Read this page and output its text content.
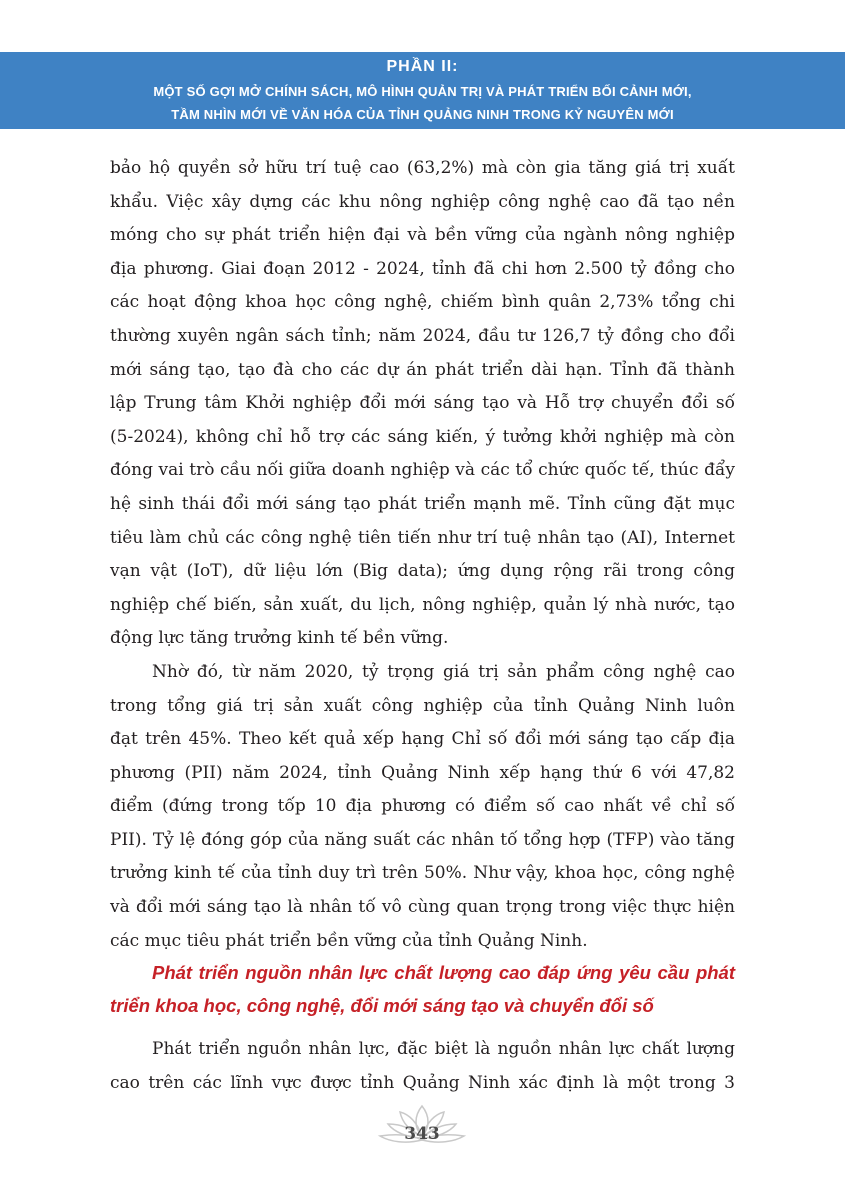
PHẦN II:
MỘT SỐ GỢI MỞ CHÍNH SÁCH, MÔ HÌNH QUẢN TRỊ VÀ PHÁT TRIỂN BỐI CẢNH MỚI,
TẦM NHÌN MỚI VỀ VĂN HÓA CỦA TỈNH QUẢNG NINH TRONG KỶ NGUYÊN MỚI
bảo hộ quyền sở hữu trí tuệ cao (63,2%) mà còn gia tăng giá trị xuất
khẩu. Việc xây dựng các khu nông nghiệp công nghệ cao đã tạo nền
móng cho sự phát triển hiện đại và bền vững của ngành nông nghiệp
địa phương. Giai đoạn 2012 - 2024, tỉnh đã chi hơn 2.500 tỷ đồng cho
các hoạt động khoa học công nghệ, chiếm bình quân 2,73% tổng chi
thường xuyên ngân sách tỉnh; năm 2024, đầu tư 126,7 tỷ đồng cho đổi
mới sáng tạo, tạo đà cho các dự án phát triển dài hạn. Tỉnh đã thành
lập Trung tâm Khởi nghiệp đổi mới sáng tạo và Hỗ trợ chuyển đổi số
(5-2024), không chỉ hỗ trợ các sáng kiến, ý tưởng khởi nghiệp mà còn
đóng vai trò cầu nối giữa doanh nghiệp và các tổ chức quốc tế, thúc đẩy
hệ sinh thái đổi mới sáng tạo phát triển mạnh mẽ. Tỉnh cũng đặt mục
tiêu làm chủ các công nghệ tiên tiến như trí tuệ nhân tạo (AI), Internet
vạn vật (IoT), dữ liệu lớn (Big data); ứng dụng rộng rãi trong công
nghiệp chế biến, sản xuất, du lịch, nông nghiệp, quản lý nhà nước, tạo
động lực tăng trưởng kinh tế bền vững.
Nhờ đó, từ năm 2020, tỷ trọng giá trị sản phẩm công nghệ cao
trong tổng giá trị sản xuất công nghiệp của tỉnh Quảng Ninh luôn
đạt trên 45%. Theo kết quả xếp hạng Chỉ số đổi mới sáng tạo cấp địa
phương (PII) năm 2024, tỉnh Quảng Ninh xếp hạng thứ 6 với 47,82
điểm (đứng trong tốp 10 địa phương có điểm số cao nhất về chỉ số
PII). Tỷ lệ đóng góp của năng suất các nhân tố tổng hợp (TFP) vào tăng
trưởng kinh tế của tỉnh duy trì trên 50%. Như vậy, khoa học, công nghệ
và đổi mới sáng tạo là nhân tố vô cùng quan trọng trong việc thực hiện
các mục tiêu phát triển bền vững của tỉnh Quảng Ninh.
Phát triển nguồn nhân lực chất lượng cao đáp ứng yêu cầu phát
triển khoa học, công nghệ, đổi mới sáng tạo và chuyển đổi số
Phát triển nguồn nhân lực, đặc biệt là nguồn nhân lực chất lượng
cao trên các lĩnh vực được tỉnh Quảng Ninh xác định là một trong 3
343
